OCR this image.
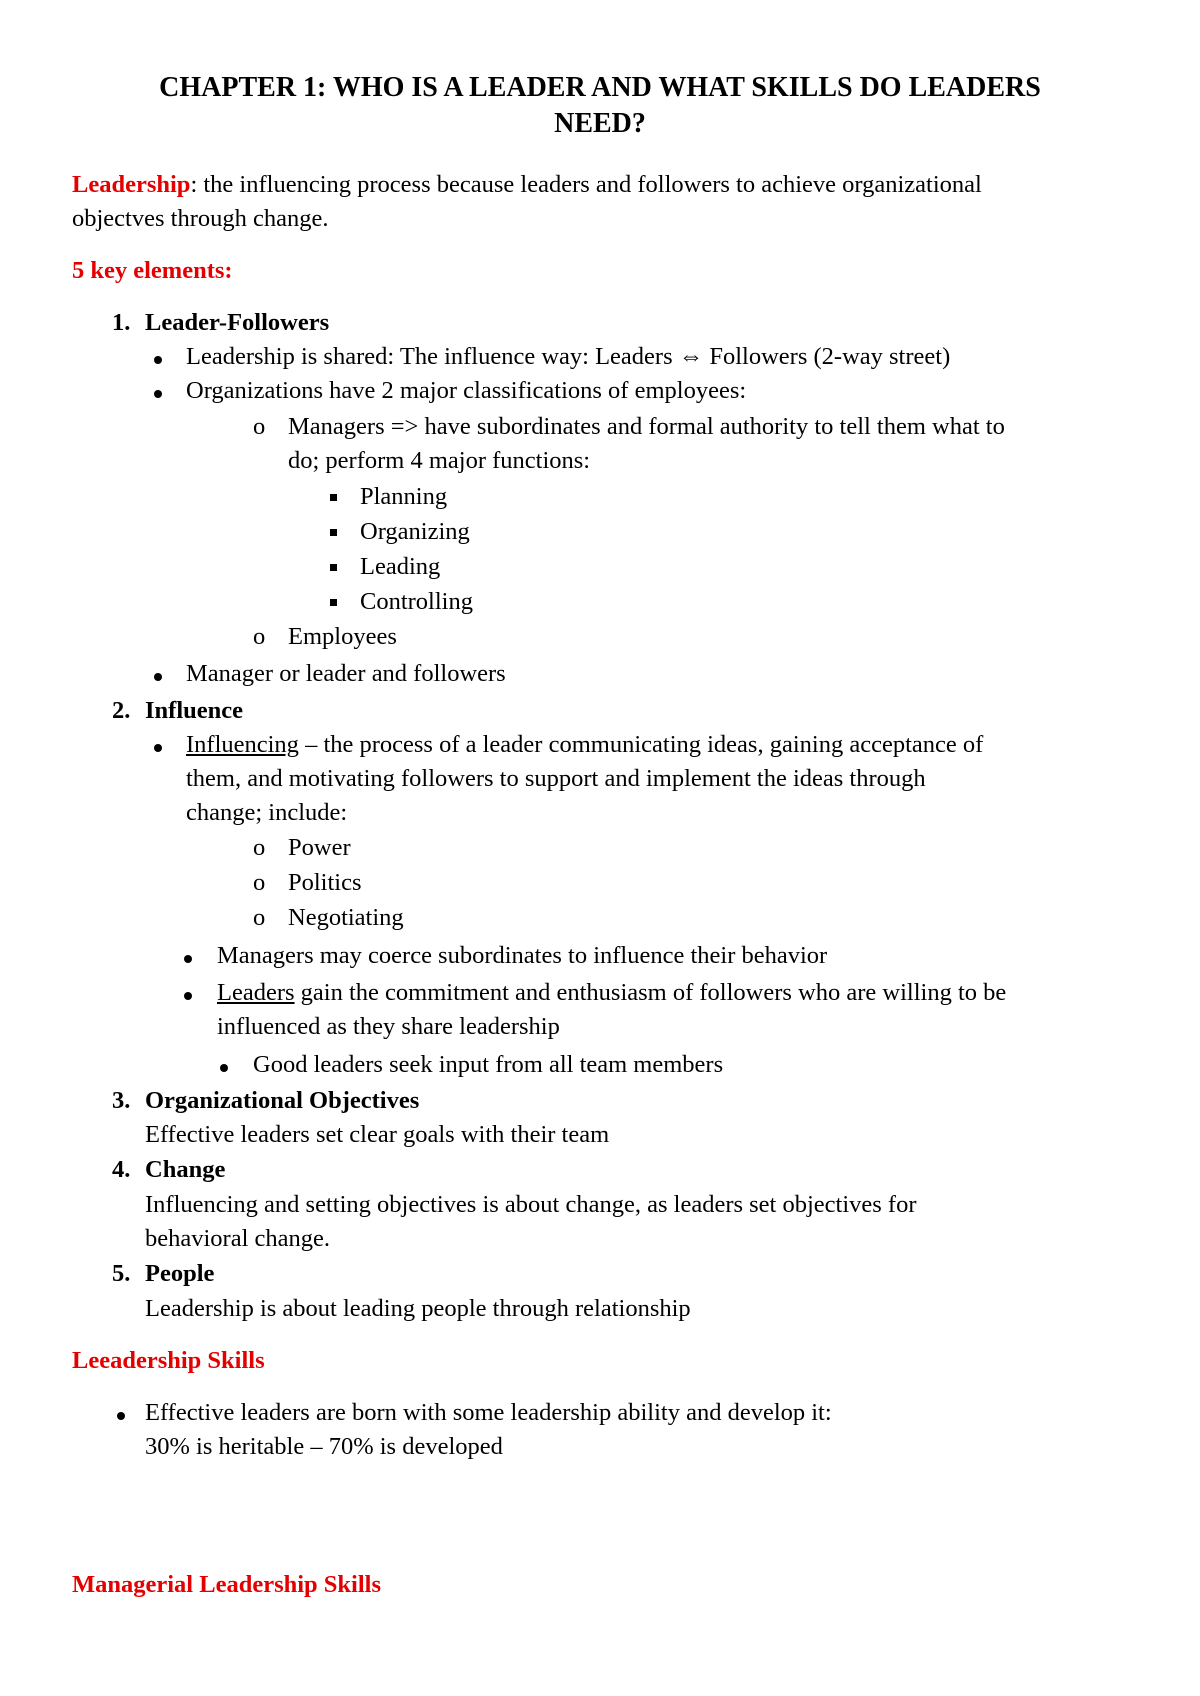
CHAPTER 1: WHO IS A LEADER AND WHAT SKILLS DO LEADERS
NEED?
Leadership: the influencing process because leaders and followers to achieve organizational
objectves through change.
5 key elements:
1. Leader-Followers
Leadership is shared: The influence way: Leaders ⇔ Followers (2-way street)
Organizations have 2 major classifications of employees:
o Managers => have subordinates and formal authority to tell them what to
do; perform 4 major functions:
Planning
Organizing
Leading
Controlling
o Employees
Manager or leader and followers
2. Influence
Influencing – the process of a leader communicating ideas, gaining acceptance of
them, and motivating followers to support and implement the ideas through
change; include:
o Power
o Politics
o Negotiating
Managers may coerce subordinates to influence their behavior
Leaders gain the commitment and enthusiasm of followers who are willing to be
influenced as they share leadership
Good leaders seek input from all team members
3. Organizational Objectives
Effective leaders set clear goals with their team
4. Change
Influencing and setting objectives is about change, as leaders set objectives for
behavioral change.
5. People
Leadership is about leading people through relationship
Leeadership Skills
Effective leaders are born with some leadership ability and develop it:
30% is heritable – 70% is developed
Managerial Leadership Skills
